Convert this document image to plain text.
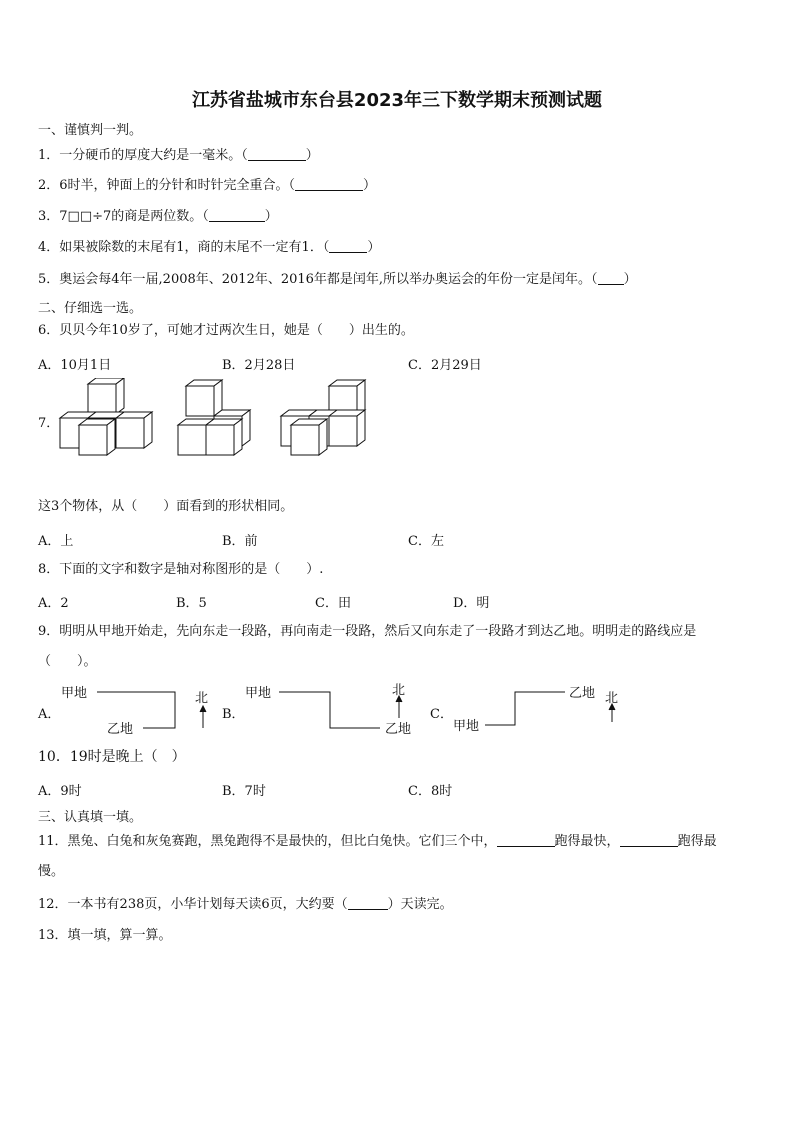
江苏省盐城市东台县2023年三下数学期末预测试题
一、谨慎判一判。
1．一分硬币的厚度大约是一毫米。（	）
2．6时半，钟面上的分针和时针完全重合。（	）
3．7□□÷7的商是两位数。（	）
4．如果被除数的末尾有1，商的末尾不一定有1．（	）
5．奥运会每4年一届,2008年、2012年、2016年都是闰年,所以举办奥运会的年份一定是闰年。（ ）
二、仔细选一选。
6．贝贝今年10岁了，可她才过两次生日，她是（　　）出生的。
A．10月1日	B．2月28日	C．2月29日
7．
这3个物体，从（　　）面看到的形状相同。
A．上	B．前	C．左
8．下面的文字和数字是轴对称图形的是（　　）.
A．2	B．5	C．田	D．明
9．明明从甲地开始走，先向东走一段路，再向南走一段路，然后又向东走了一段路才到达乙地。明明走的路线应是
（　　）。
A．	B．	C．
甲地
乙地
北	甲地
乙地
北
甲地
乙地 北
10．19时是晚上（　）
A．9时	B．7时	C．8时
三、认真填一填。
11．黑兔、白兔和灰兔赛跑，黑兔跑得不是最快的，但比白兔快。它们三个中，	跑得最快，	跑得最
慢。
12．一本书有238页，小华计划每天读6页，大约要（	）天读完。
13．填一填，算一算。
